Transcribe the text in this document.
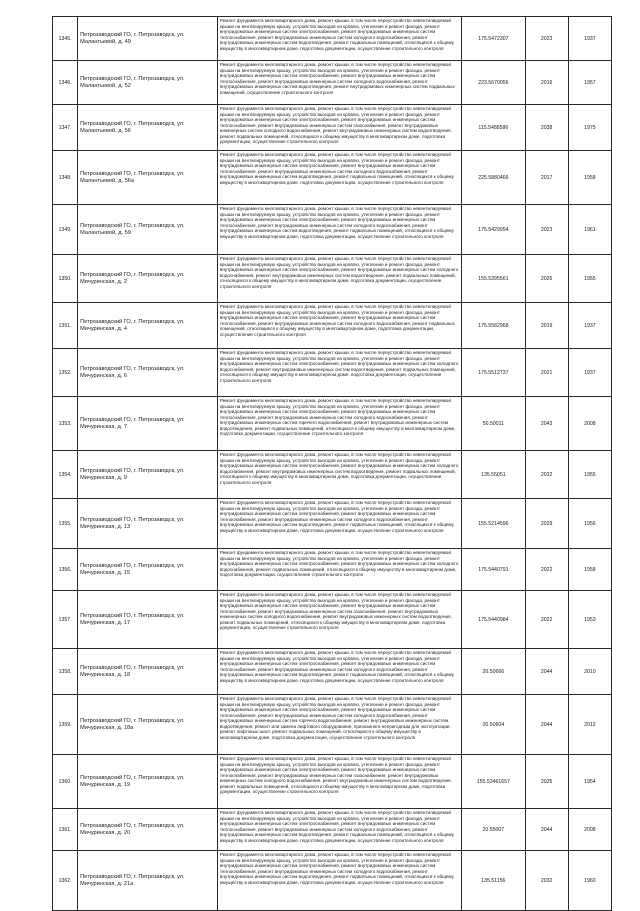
1345.	Петрозаводский ГО, г. Петрозаводск, ул. Малантьевой, д. 49	Ремонт фундамента многоквартирного дома, ремонт крыши, в том числе переустройство невентилируемой крыши на вентилируемую крышу, устройство выходов на кровлю, утепление и ремонт фасада, ремонт внутридомовых инженерных систем электроснабжения, ремонт внутридомовых инженерных систем теплоснабжения, ремонт внутридомовых инженерных систем холодного водоснабжения, ремонт внутридомовых инженерных систем водоотведения, ремонт подвальных помещений, относящихся к общему имуществу в многоквартирном доме, подготовка документации, осуществление строительного контроля	175.5472307	2023	1937
1346.	Петрозаводский ГО, г. Петрозаводск, ул. Малантьевой, д. 52	Ремонт фундамента многоквартирного дома, ремонт крыши, в том числе переустройство невентилируемой крыши на вентилируемую крышу, устройство выходов на кровлю, утепление и ремонт фасада, ремонт внутридомовых инженерных систем электроснабжения, ремонт внутридомовых инженерных систем теплоснабжения, ремонт внутридомовых инженерных систем холодного водоснабжения, ремонт внутридомовых инженерных систем водоотведения, ремонт внутридомовых инженерных систем подвальных помещений, осуществление строительного контроля	223.5670056	2016	1957
1347.	Петрозаводский ГО, г. Петрозаводск, ул. Малантьевой, д. 56	Ремонт фундамента многоквартирного дома, ремонт крыши, в том числе переустройство невентилируемой крыши на вентилируемую крышу, устройство выходов на кровлю, утепление и ремонт фасада, ремонт внутридомовых инженерных систем электроснабжения, ремонт внутридомовых инженерных систем теплоснабжения, ремонт внутридомовых инженерных систем газоснабжения, ремонт внутридомовых инженерных систем холодного водоснабжения, ремонт внутридомовых инженерных систем водоотведения, ремонт подвальных помещений, относящихся к общему имуществу в многоквартирном доме, подготовка документации, осуществление строительного контроля	115.5488586	2038	1975
1348.	Петрозаводский ГО, г. Петрозаводск, ул. Малантьевой, д. 56а	Ремонт фундамента многоквартирного дома, ремонт крыши, в том числе переустройство невентилируемой крыши на вентилируемую крышу, устройство выходов на кровлю, утепление и ремонт фасада, ремонт внутридомовых инженерных систем электроснабжения, ремонт внутридомовых инженерных систем теплоснабжения, ремонт внутридомовых инженерных систем холодного водоснабжения, ремонт внутридомовых инженерных систем водоотведения, ремонт подвальных помещений, относящихся к общему имуществу в многоквартирном доме, подготовка документации, осуществление строительного контроля	225.5880466	2017	1958
1349.	Петрозаводский ГО, г. Петрозаводск, ул. Малантьевой, д. 59	Ремонт фундамента многоквартирного дома, ремонт крыши, в том числе переустройство невентилируемой крыши на вентилируемую крышу, устройство выходов на кровлю, утепление и ремонт фасада, ремонт внутридомовых инженерных систем электроснабжения, ремонт внутридомовых инженерных систем теплоснабжения, ремонт внутридомовых инженерных систем холодного водоснабжения, ремонт внутридомовых инженерных систем водоотведения, ремонт подвальных помещений, относящихся к общему имуществу в многоквартирном доме, подготовка документации, осуществление строительного контроля	175.5429954	2023	1961
1350.	Петрозаводский ГО, г. Петрозаводск, ул. Мичуринская, д. 2	Ремонт фундамента многоквартирного дома, ремонт крыши, в том числе переустройство невентилируемой крыши на вентилируемую крышу, устройство выходов на кровлю, утепление и ремонт фасада, ремонт внутридомовых инженерных систем электроснабжения, ремонт внутридомовых инженерных систем холодного водоснабжения, ремонт внутридомовых инженерных систем водоотведения, ремонт подвальных помещений, относящихся к общему имуществу в многоквартирном доме, подготовка документации, осуществление строительного контроля	155.5395561	2026	1955
1351.	Петрозаводский ГО, г. Петрозаводск, ул. Мичуринская, д. 4	Ремонт фундамента многоквартирного дома, ремонт крыши, в том числе переустройство невентилируемой крыши на вентилируемую крышу, устройство выходов на кровлю, утепление и ремонт фасада, ремонт внутридомовых инженерных систем электроснабжения, ремонт внутридомовых инженерных систем теплоснабжения, ремонт внутридомовых инженерных систем холодного водоснабжения, ремонт подвальных помещений, относящихся к общему имуществу в многоквартирном доме, подготовка документации, осуществление строительного контроля	175.5582968	2019	1937
1352.	Петрозаводский ГО, г. Петрозаводск, ул. Мичуринская, д. 6	Ремонт фундамента многоквартирного дома, ремонт крыши, в том числе переустройство невентилируемой крыши на вентилируемую крышу, устройство выходов на кровлю, утепление и ремонт фасада, ремонт внутридомовых инженерных систем электроснабжения, ремонт внутридомовых инженерных систем холодного водоснабжения, ремонт внутридомовых инженерных систем водоотведения, ремонт подвальных помещений, относящихся к общему имуществу в многоквартирном доме, подготовка документации, осуществление строительного контроля	175.5512737	2021	1937
1353.	Петрозаводский ГО, г. Петрозаводск, ул. Мичуринская, д. 7	Ремонт фундамента многоквартирного дома, ремонт крыши, в том числе переустройство невентилируемой крыши на вентилируемую крышу, устройство выходов на кровлю, утепление и ремонт фасада, ремонт внутридомовых инженерных систем электроснабжения, ремонт внутридомовых инженерных систем теплоснабжения, ремонт внутридомовых инженерных систем холодного водоснабжения, ремонт внутридомовых инженерных систем горячего водоснабжения, ремонт внутридомовых инженерных систем водоотведения, ремонт подвальных помещений, относящихся к общему имуществу в многоквартирном доме, подготовка документации, осуществление строительного контроля	50.50011	2043	2008
1354.	Петрозаводский ГО, г. Петрозаводск, ул. Мичуринская, д. 9	Ремонт фундамента многоквартирного дома, ремонт крыши, в том числе переустройство невентилируемой крыши на вентилируемую крышу, устройство выходов на кровлю, утепление и ремонт фасада, ремонт внутридомовых инженерных систем электроснабжения, ремонт внутридомовых инженерных систем холодного водоснабжения, ремонт внутридомовых инженерных систем водоотведения, ремонт подвальных помещений, относящихся к общему имуществу в многоквартирном доме, подготовка документации, осуществление строительного контроля	135.55051	2032	1955
1355.	Петрозаводский ГО, г. Петрозаводск, ул. Мичуринская, д. 13	Ремонт фундамента многоквартирного дома, ремонт крыши, в том числе переустройство невентилируемой крыши на вентилируемую крышу, устройство выходов на кровлю, утепление и ремонт фасада, ремонт внутридомовых инженерных систем электроснабжения, ремонт внутридомовых инженерных систем теплоснабжения, ремонт внутридомовых инженерных систем холодного водоснабжения, ремонт внутридомовых инженерных систем водоотведения, ремонт подвальных помещений, относящихся к общему имуществу в многоквартирном доме, подготовка документации, осуществление строительного контроля	155.5214596	2029	1956
1356.	Петрозаводский ГО, г. Петрозаводск, ул. Мичуринская, д. 15	Ремонт фундамента многоквартирного дома, ремонт крыши, в том числе переустройство невентилируемой крыши на вентилируемую крышу, устройство выходов на кровлю, утепление и ремонт фасада, ремонт внутридомовых инженерных систем электроснабжения, ремонт внутридомовых инженерных систем холодного водоснабжения, ремонт подвальных помещений, относящихся к общему имуществу в многоквартирном доме, подготовка документации, осуществление строительного контроля	175.5440791	2022	1958
1357.	Петрозаводский ГО, г. Петрозаводск, ул. Мичуринская, д. 17	Ремонт фундамента многоквартирного дома, ремонт крыши, в том числе переустройство невентилируемой крыши на вентилируемую крышу, устройство выходов на кровлю, утепление и ремонт фасада, ремонт внутридомовых инженерных систем электроснабжения, ремонт внутридомовых инженерных систем теплоснабжения, ремонт внутридомовых инженерных систем газоснабжения, ремонт внутридомовых инженерных систем холодного водоснабжения, ремонт внутридомовых инженерных систем водоотведения, ремонт подвальных помещений, относящихся к общему имуществу в многоквартирном доме, подготовка документации, осуществление строительного контроля	175.5440984	2022	1953
1358.	Петрозаводский ГО, г. Петрозаводск, ул. Мичуринская, д. 18	Ремонт фундамента многоквартирного дома, ремонт крыши, в том числе переустройство невентилируемой крыши на вентилируемую крышу, устройство выходов на кровлю, утепление и ремонт фасада, ремонт внутридомовых инженерных систем электроснабжения, ремонт внутридомовых инженерных систем теплоснабжения, ремонт внутридомовых инженерных систем холодного водоснабжения, ремонт внутридомовых инженерных систем водоотведения, ремонт подвальных помещений, относящихся к общему имуществу в многоквартирном доме, подготовка документации, осуществление строительного контроля	20.50666	2044	2010
1359.	Петрозаводский ГО, г. Петрозаводск, ул. Мичуринская, д. 18а	Ремонт фундамента многоквартирного дома, ремонт крыши, в том числе переустройство невентилируемой крыши на вентилируемую крышу, устройство выходов на кровлю, утепление и ремонт фасада, ремонт внутридомовых инженерных систем электроснабжения, ремонт внутридомовых инженерных систем теплоснабжения, ремонт внутридомовых инженерных систем холодного водоснабжения, ремонт внутридомовых инженерных систем горячего водоснабжения, ремонт внутридомовых инженерных систем водоотведения, ремонт или замена лифтового оборудования, признанного непригодным для эксплуатации, ремонт лифтовых шахт, ремонт подвальных помещений, относящихся к общему имуществу в многоквартирном доме, подготовка документации, осуществление строительного контроля	20.50604	2044	2012
1360.	Петрозаводский ГО, г. Петрозаводск, ул. Мичуринская, д. 19	Ремонт фундамента многоквартирного дома, ремонт крыши, в том числе переустройство невентилируемой крыши на вентилируемую крышу, устройство выходов на кровлю, утепление и ремонт фасада, ремонт внутридомовых инженерных систем электроснабжения, ремонт внутридомовых инженерных систем теплоснабжения, ремонт внутридомовых инженерных систем газоснабжения, ремонт внутридомовых инженерных систем холодного водоснабжения, ремонт внутридомовых инженерных систем водоотведения, ремонт подвальных помещений, относящихся к общему имуществу в многоквартирном доме, подготовка документации, осуществление строительного контроля	155.53461657	2025	1954
1361.	Петрозаводский ГО, г. Петрозаводск, ул. Мичуринская, д. 20	Ремонт фундамента многоквартирного дома, ремонт крыши, в том числе переустройство невентилируемой крыши на вентилируемую крышу, устройство выходов на кровлю, утепление и ремонт фасада, ремонт внутридомовых инженерных систем электроснабжения, ремонт внутридомовых инженерных систем теплоснабжения, ремонт внутридомовых инженерных систем холодного водоснабжения, ремонт внутридомовых инженерных систем водоотведения, ремонт подвальных помещений, относящихся к общему имуществу в многоквартирном доме, подготовка документации, осуществление строительного контроля	20.55007	2044	2008
1362.	Петрозаводский ГО, г. Петрозаводск, ул. Мичуринская, д. 21а	Ремонт фундамента многоквартирного дома, ремонт крыши, в том числе переустройство невентилируемой крыши на вентилируемую крышу, устройство выходов на кровлю, утепление и ремонт фасада, ремонт внутридомовых инженерных систем электроснабжения, ремонт внутридомовых инженерных систем теплоснабжения, ремонт внутридомовых инженерных систем холодного водоснабжения, ремонт внутридомовых инженерных систем водоотведения, ремонт подвальных помещений, относящихся к общему имуществу в многоквартирном доме, подготовка документации, осуществление строительного контроля	135.51156	2032	1960
